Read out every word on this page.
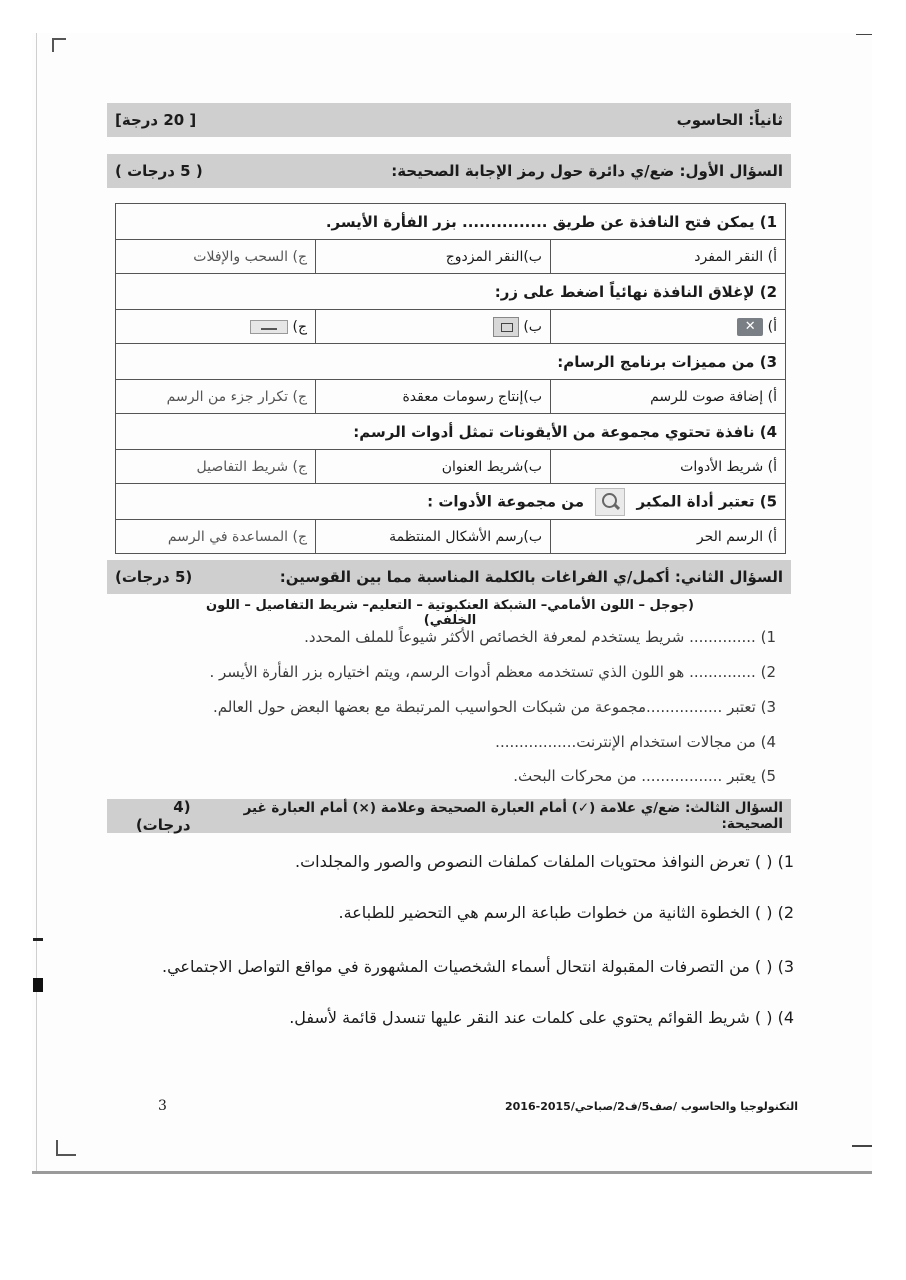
ثانياً: الحاسوب
[ 20 درجة]
السؤال الأول: ضع/ي دائرة حول رمز الإجابة الصحيحة:
( 5 درجات )
1) يمكن فتح النافذة عن طريق ............... بزر الفأرة الأيسر.		
أ) النقر المفرد	ب)النقر المزدوج	ج) السحب والإفلات
2) لإغلاق النافذة نهائياً اضغط على زر:		
أ) ✕	ب)	ج)
3) من مميزات برنامج الرسام:		
أ) إضافة صوت للرسم	ب)إنتاج رسومات معقدة	ج) تكرار جزء من الرسم
4) نافذة تحتوي مجموعة من الأيقونات تمثل أدوات الرسم:		
أ) شريط الأدوات	ب)شريط العنوان	ج) شريط التفاصيل
5) تعتبر أداة المكبر  من مجموعة الأدوات :		
أ) الرسم الحر	ب)رسم الأشكال المنتظمة	ج) المساعدة في الرسم
السؤال الثاني: أكمل/ي الفراغات بالكلمة المناسبة مما بين القوسين:
(5 درجات)
(جوجل – اللون الأمامي– الشبكة العنكبوتية – التعليم– شريط التفاصيل – اللون الخلفي)
1) .............. شريط يستخدم لمعرفة الخصائص الأكثر شيوعاً للملف المحدد.
2) .............. هو اللون الذي تستخدمه معظم أدوات الرسم، ويتم اختياره بزر الفأرة الأيسر .
3) تعتبر ................مجموعة من شبكات الحواسيب المرتبطة مع بعضها البعض حول العالم.
4) من مجالات استخدام الإنترنت.................
5) يعتبر ................. من محركات البحث.
السؤال الثالث: ضع/ي علامة (✓) أمام العبارة الصحيحة وعلامة (×) أمام العبارة غير الصحيحة:
(4 درجات)
1) ( ) تعرض النوافذ محتويات الملفات كملفات النصوص والصور والمجلدات.
2) ( ) الخطوة الثانية من خطوات طباعة الرسم هي التحضير للطباعة.
3) ( ) من التصرفات المقبولة انتحال أسماء الشخصيات المشهورة في مواقع التواصل الاجتماعي.
4) ( ) شريط القوائم يحتوي على كلمات عند النقر عليها تنسدل قائمة لأسفل.
3	التكنولوجيا والحاسوب /صف5/ف2/صباحي/2015-2016
